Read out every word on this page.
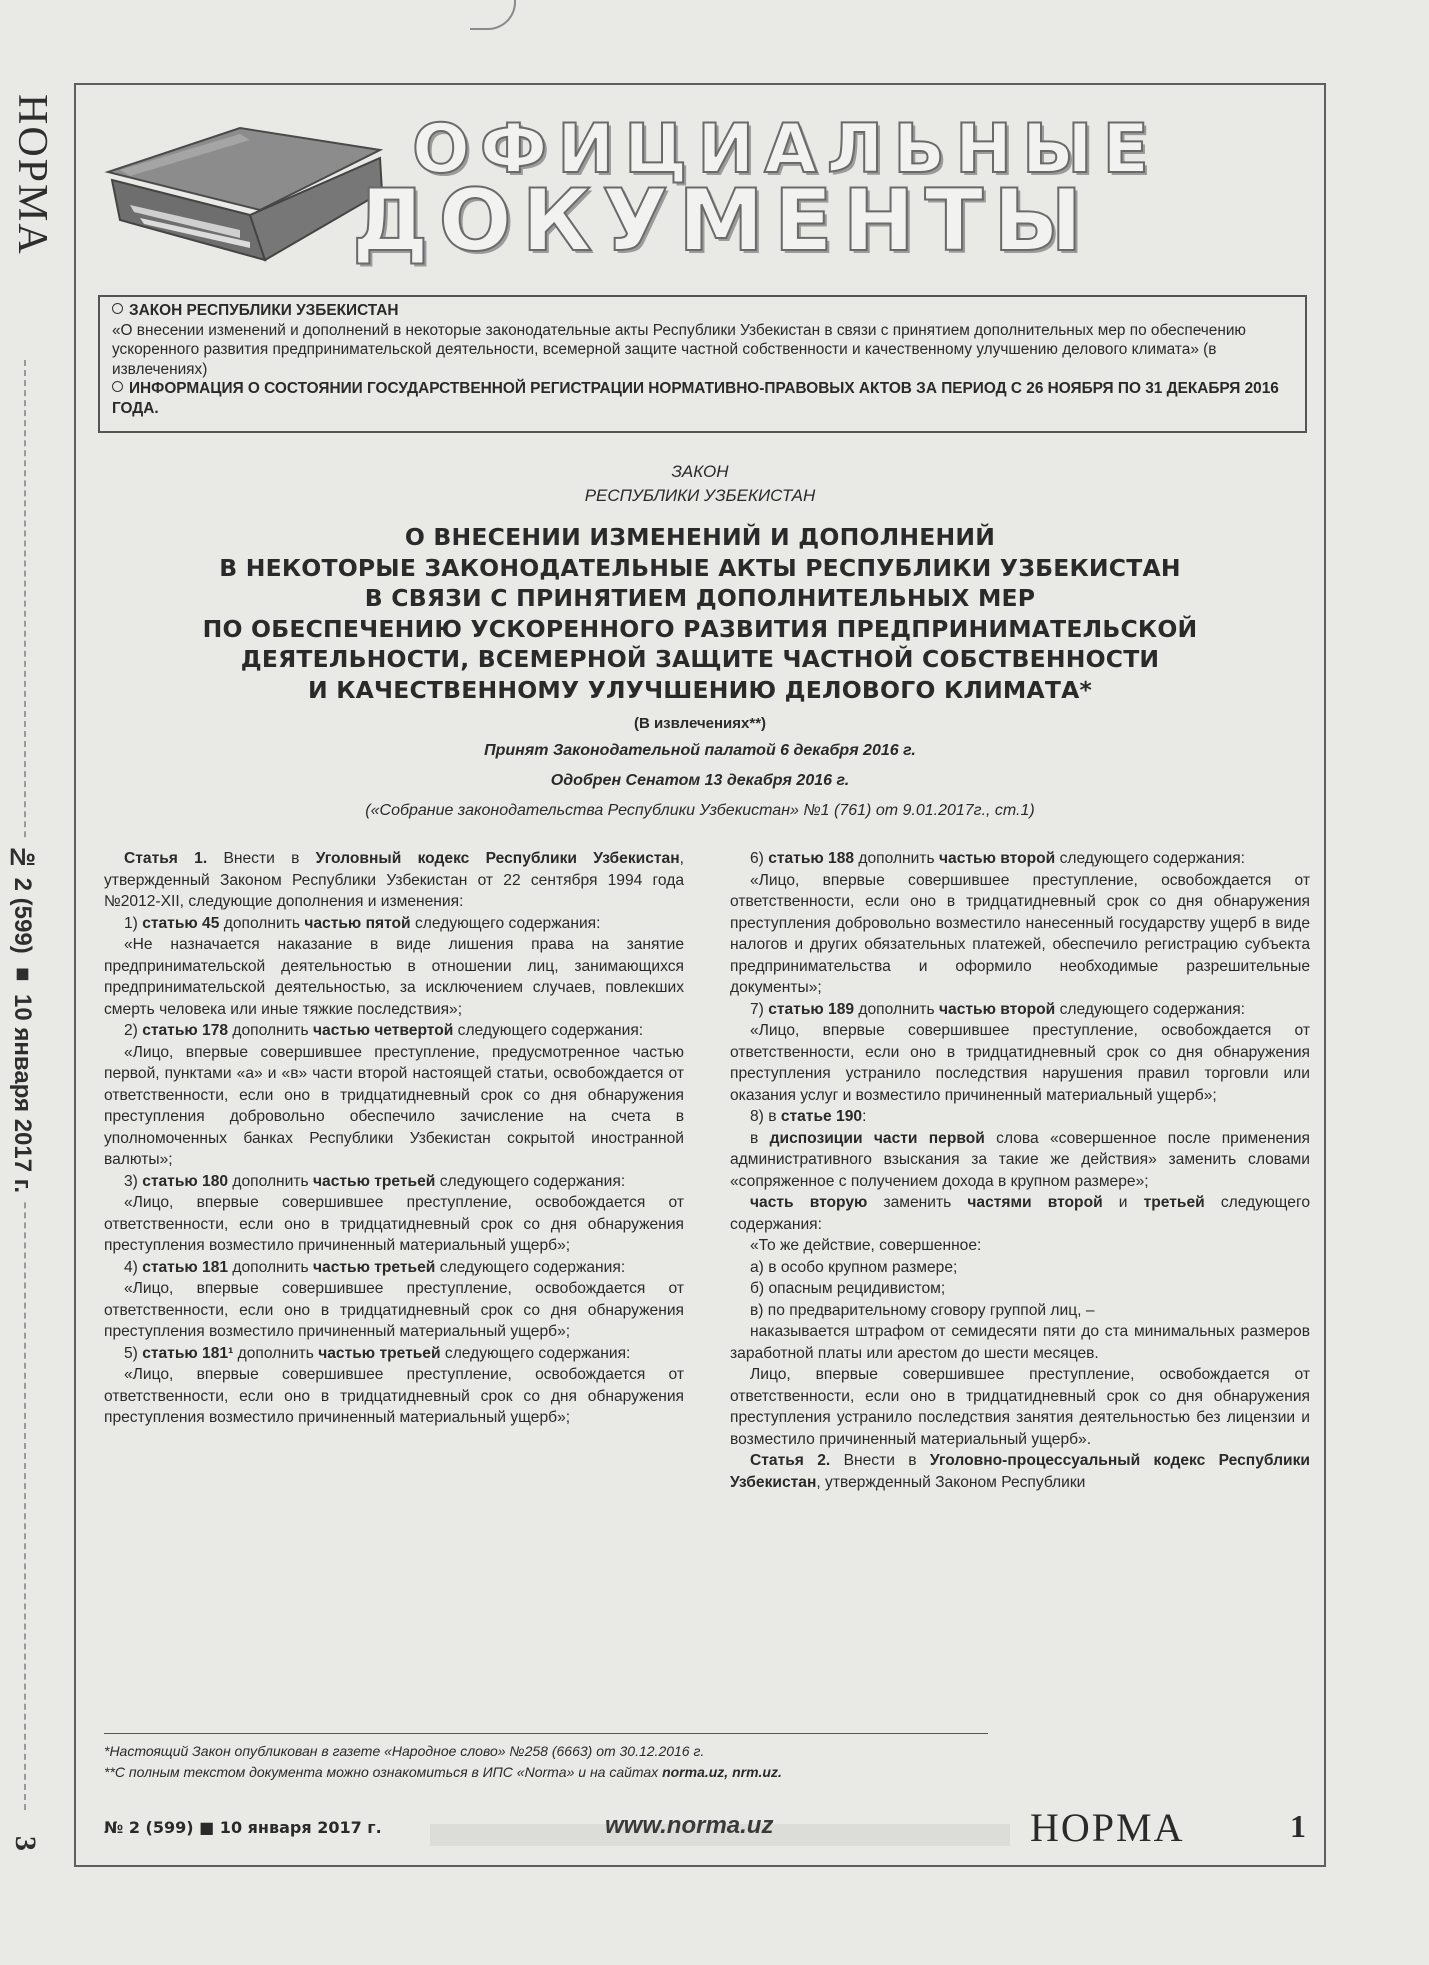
НОРМА
№ 2 (599) ■ 10 января 2017 г.
3
ОФИЦИАЛЬНЫЕ
ДОКУМЕНТЫ
ЗАКОН РЕСПУБЛИКИ УЗБЕКИСТАН
«О внесении изменений и дополнений в некоторые законодательные акты Республики Узбекистан в связи с принятием дополнительных мер по обеспечению ускоренного развития предпринимательской деятельности, всемерной защите частной собственности и качественному улучшению делового климата» (в извлечениях)
ИНФОРМАЦИЯ О СОСТОЯНИИ ГОСУДАРСТВЕННОЙ РЕГИСТРАЦИИ НОРМАТИВНО-ПРАВОВЫХ АКТОВ ЗА ПЕРИОД С 26 НОЯБРЯ ПО 31 ДЕКАБРЯ 2016 ГОДА.
ЗАКОН
РЕСПУБЛИКИ УЗБЕКИСТАН
О ВНЕСЕНИИ ИЗМЕНЕНИЙ И ДОПОЛНЕНИЙ
В НЕКОТОРЫЕ ЗАКОНОДАТЕЛЬНЫЕ АКТЫ РЕСПУБЛИКИ УЗБЕКИСТАН
В СВЯЗИ С ПРИНЯТИЕМ ДОПОЛНИТЕЛЬНЫХ МЕР
ПО ОБЕСПЕЧЕНИЮ УСКОРЕННОГО РАЗВИТИЯ ПРЕДПРИНИМАТЕЛЬСКОЙ
ДЕЯТЕЛЬНОСТИ, ВСЕМЕРНОЙ ЗАЩИТЕ ЧАСТНОЙ СОБСТВЕННОСТИ
И КАЧЕСТВЕННОМУ УЛУЧШЕНИЮ ДЕЛОВОГО КЛИМАТА*
(В извлечениях**)
Принят Законодательной палатой 6 декабря 2016 г.
Одобрен Сенатом 13 декабря 2016 г.
(«Собрание законодательства Республики Узбекистан» №1 (761) от 9.01.2017г., ст.1)

Статья 1. Внести в Уголовный кодекс Республики Узбекистан, утвержденный Законом Республики Узбекистан от 22 сентября 1994 года №2012-XII, следующие дополнения и изменения:

1) статью 45 дополнить частью пятой следующего содержания:

«Не назначается наказание в виде лишения права на занятие предпринимательской деятельностью в отношении лиц, занимающихся предпринимательской деятельностью, за исключением случаев, повлекших смерть человека или иные тяжкие последствия»;

2) статью 178 дополнить частью четвертой следующего содержания:

«Лицо, впервые совершившее преступление, предусмотренное частью первой, пунктами «а» и «в» части второй настоящей статьи, освобождается от ответственности, если оно в тридцатидневный срок со дня обнаружения преступления добровольно обеспечило зачисление на счета в уполномоченных банках Республики Узбекистан сокрытой иностранной валюты»;

3) статью 180 дополнить частью третьей следующего содержания:

«Лицо, впервые совершившее преступление, освобождается от ответственности, если оно в тридцатидневный срок со дня обнаружения преступления возместило причиненный материальный ущерб»;

4) статью 181 дополнить частью третьей следующего содержания:

«Лицо, впервые совершившее преступление, освобождается от ответственности, если оно в тридцатидневный срок со дня обнаружения преступления возместило причиненный материальный ущерб»;

5) статью 181¹ дополнить частью третьей следующего содержания:

«Лицо, впервые совершившее преступление, освобождается от ответственности, если оно в тридцатидневный срок со дня обнаружения преступления возместило причиненный материальный ущерб»;

6) статью 188 дополнить частью второй следующего содержания:

«Лицо, впервые совершившее преступление, освобождается от ответственности, если оно в тридцатидневный срок со дня обнаружения преступления добровольно возместило нанесенный государству ущерб в виде налогов и других обязательных платежей, обеспечило регистрацию субъекта предпринимательства и оформило необходимые разрешительные документы»;

7) статью 189 дополнить частью второй следующего содержания:

«Лицо, впервые совершившее преступление, освобождается от ответственности, если оно в тридцатидневный срок со дня обнаружения преступления устранило последствия нарушения правил торговли или оказания услуг и возместило причиненный материальный ущерб»;

8) в статье 190:

в диспозиции части первой слова «совершенное после применения административного взыскания за такие же действия» заменить словами «сопряженное с получением дохода в крупном размере»;

часть вторую заменить частями второй и третьей следующего содержания:

«То же действие, совершенное:

а) в особо крупном размере;

б) опасным рецидивистом;

в) по предварительному сговору группой лиц, –

наказывается штрафом от семидесяти пяти до ста минимальных размеров заработной платы или арестом до шести месяцев.

Лицо, впервые совершившее преступление, освобождается от ответственности, если оно в тридцатидневный срок со дня обнаружения преступления устранило последствия занятия деятельностью без лицензии и возместило причиненный материальный ущерб».

Статья 2. Внести в Уголовно-процессуальный кодекс Республики Узбекистан, утвержденный Законом Республики

*Настоящий Закон опубликован в газете «Народное слово» №258 (6663) от 30.12.2016 г.
**С полным текстом документа можно ознакомиться в ИПС «Norma» и на сайтах norma.uz, nrm.uz.
№ 2 (599) ■ 10 января 2017 г.	www.norma.uz	НОРМА	1
